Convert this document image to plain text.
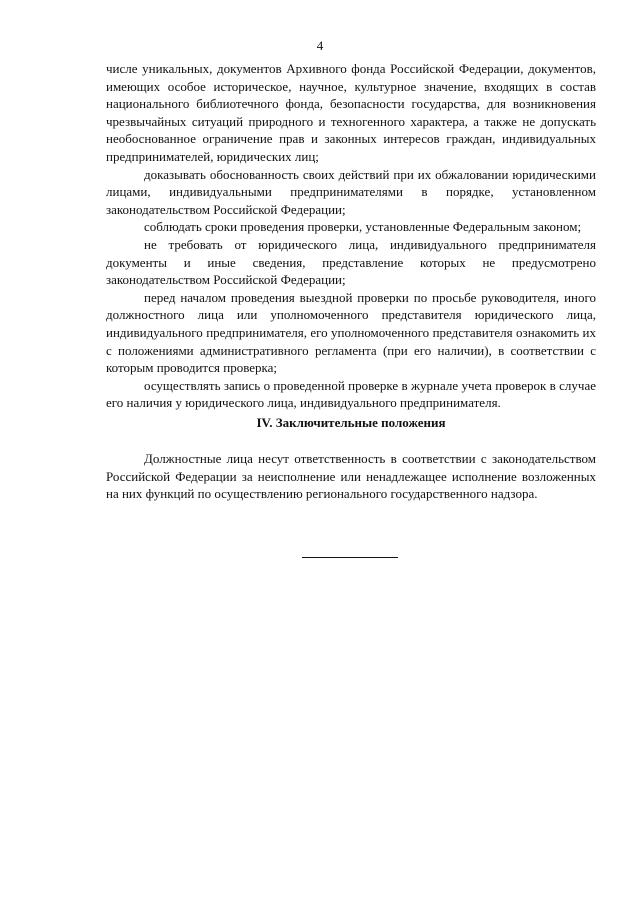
4

числе уникальных, документов Архивного фонда Российской Федерации, документов, имеющих особое историческое, научное, культурное значение, входящих в состав национального библиотечного фонда, безопасности государства, для возникновения чрезвычайных ситуаций природного и техногенного характера, а также не допускать необоснованное ограничение прав и законных интересов граждан, индивидуальных предпринимателей, юридических лиц;

доказывать обоснованность своих действий при их обжаловании юридическими лицами, индивидуальными предпринимателями в порядке, установленном законодательством Российской Федерации;

соблюдать сроки проведения проверки, установленные Федеральным законом;

не требовать от юридического лица, индивидуального предпринимателя документы и иные сведения, представление которых не предусмотрено законодательством Российской Федерации;

перед началом проведения выездной проверки по просьбе руководителя, иного должностного лица или уполномоченного представителя юридического лица, индивидуального предпринимателя, его уполномоченного представителя ознакомить их с положениями административного регламента (при его наличии), в соответствии с которым проводится проверка;

осуществлять запись о проведенной проверке в журнале учета проверок в случае его наличия у юридического лица, индивидуального предпринимателя.

IV. Заключительные положения

Должностные лица несут ответственность в соответствии с законодательством Российской Федерации за неисполнение или ненадлежащее исполнение возложенных на них функций по осуществлению регионального государственного надзора.
